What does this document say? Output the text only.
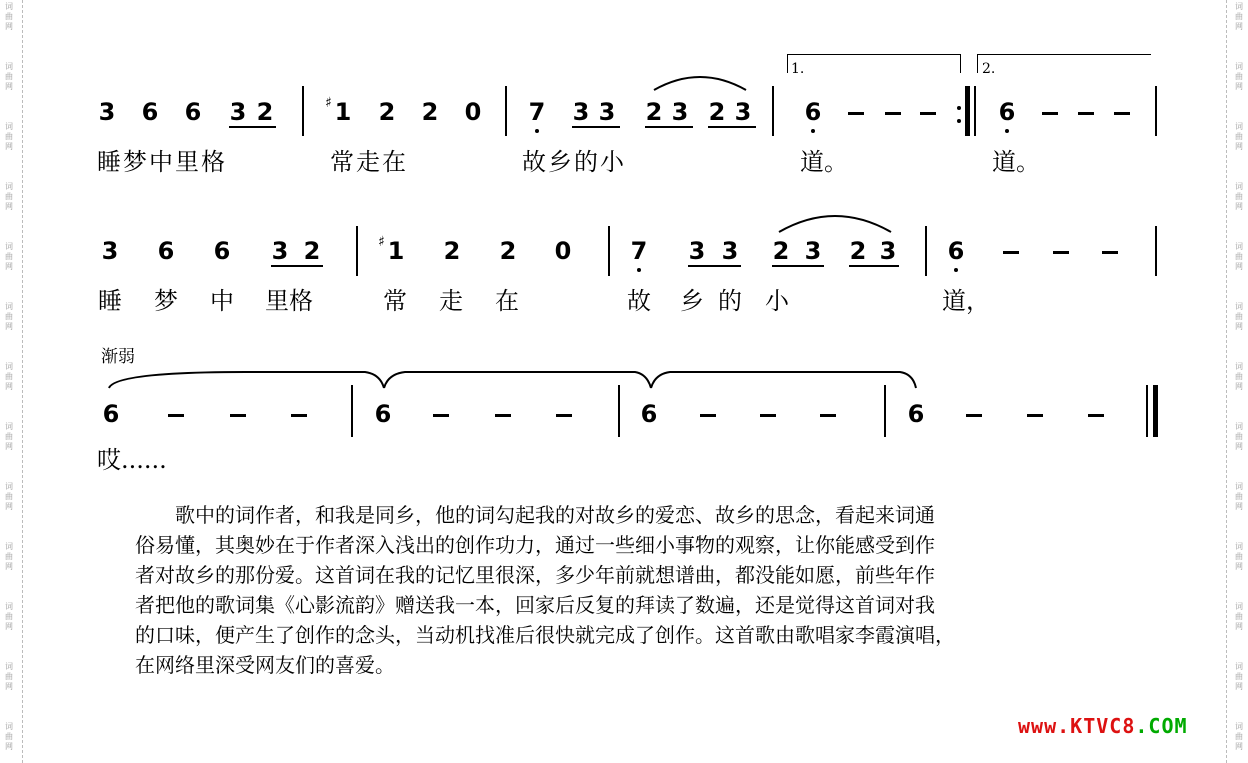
词
曲
网
词
曲
网
词
曲
网
词
曲
网
词
曲
网
词
曲
网
词
曲
网
词
曲
网
词
曲
网
词
曲
网
词
曲
网
词
曲
网
词
曲
网
词
曲
网
词
曲
网
词
曲
网
词
曲
网
词
曲
网
词
曲
网
词
曲
网
词
曲
网
词
曲
网
词
曲
网
词
曲
网
词
曲
网
词
曲
网
1.	2.
3 6 6 3 2	♯ 1 2 2 0 7 3 3 2 3 2 3 6	6
睡梦中里格	常走在	故乡的小	道。	道。
3 6 6 3 2	♯ 1 2 2 0 7 3 3 2 3 2 3 6
睡 梦 中 里格	常 走 在	故 乡 的 小	道，
渐弱
6	6	6	6
哎......

　　歌中的词作者，和我是同乡，他的词勾起我的对故乡的爱恋、故乡的思念，看起来词通

俗易懂，其奥妙在于作者深入浅出的创作功力，通过一些细小事物的观察，让你能感受到作

者对故乡的那份爱。这首词在我的记忆里很深，多少年前就想谱曲，都没能如愿，前些年作

者把他的歌词集《心影流韵》赠送我一本，回家后反复的拜读了数遍，还是觉得这首词对我

的口味，便产生了创作的念头，当动机找准后很快就完成了创作。这首歌由歌唱家李霞演唱，

在网络里深受网友们的喜爱。

www.KTVC8.COM
